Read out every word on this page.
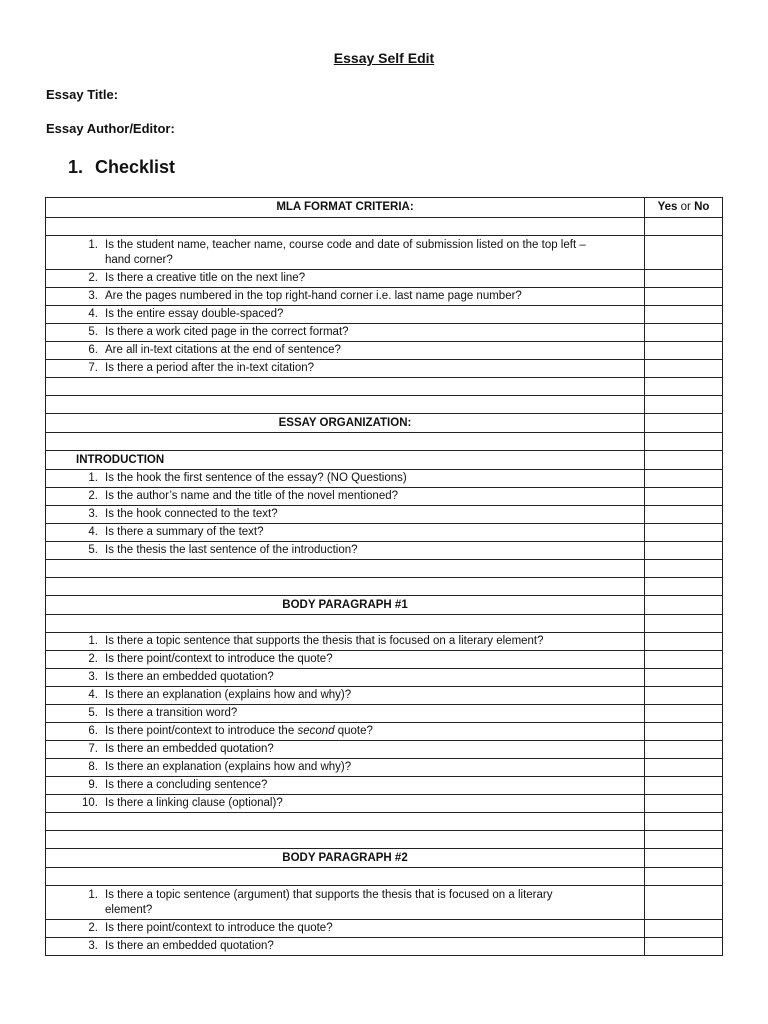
Essay Self Edit
Essay Title:
Essay Author/Editor:
1. Checklist
MLA FORMAT CRITERIA:	Yes or No

1. Is the student name, teacher name, course code and date of submission listed on the top left –hand corner?	

2. Is there a creative title on the next line?	

3. Are the pages numbered in the top right-hand corner i.e. last name page number?	

4. Is the entire essay double-spaced?	

5. Is there a work cited page in the correct format?	

6. Are all in-text citations at the end of sentence?	

7. Is there a period after the in-text citation?	

ESSAY ORGANIZATION:	

INTRODUCTION	

1. Is the hook the first sentence of the essay? (NO Questions)	

2. Is the author’s name and the title of the novel mentioned?	

3. Is the hook connected to the text?	

4. Is there a summary of the text?	

5. Is the thesis the last sentence of the introduction?	

BODY PARAGRAPH #1	

1. Is there a topic sentence that supports the thesis that is focused on a literary element?	

2. Is there point/context to introduce the quote?	

3. Is there an embedded quotation?	

4. Is there an explanation (explains how and why)?	

5. Is there a transition word?	

6. Is there point/context to introduce the second quote?	

7. Is there an embedded quotation?	

8. Is there an explanation (explains how and why)?	

9. Is there a concluding sentence?	

10. Is there a linking clause (optional)?	

BODY PARAGRAPH #2	

1. Is there a topic sentence (argument) that supports the thesis that is focused on a literary element?	

2. Is there point/context to introduce the quote?	

3. Is there an embedded quotation?	
